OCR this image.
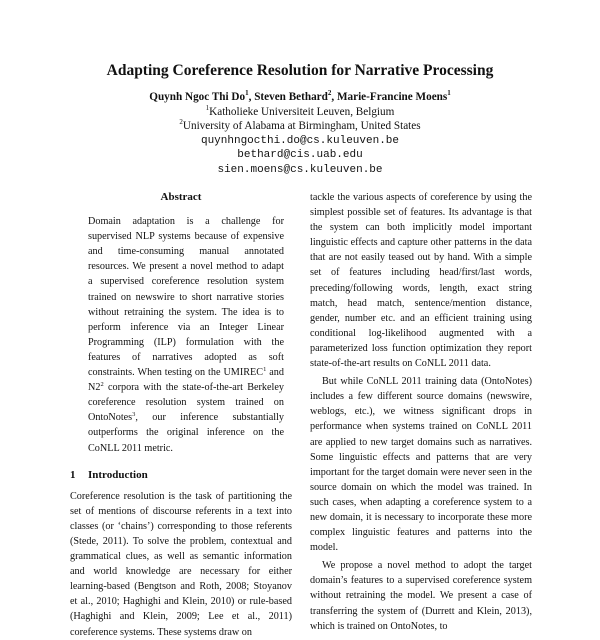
Adapting Coreference Resolution for Narrative Processing
Quynh Ngoc Thi Do$^1$, Steven Bethard$^2$, Marie-Francine Moens$^1$
$^1$Katholieke Universiteit Leuven, Belgium
$^2$University of Alabama at Birmingham, United States
quynhngocthi.do@cs.kuleuven.be
bethard@cis.uab.edu
sien.moens@cs.kuleuven.be
Abstract

Domain adaptation is a challenge for supervised NLP systems because of expensive and time-consuming manual annotated resources. We present a novel method to adapt a supervised coreference resolution system trained on newswire to short narrative stories without retraining the system. The idea is to perform inference via an Integer Linear Programming (ILP) formulation with the features of narratives adopted as soft constraints. When testing on the UMIREC$^1$ and $N2^2$ corpora with the state-of-the-art Berkeley coreference resolution system trained on OntoNotes$^3$, our inference substantially outperforms the original inference on the CoNLL 2011 metric.

1 Introduction

Coreference resolution is the task of partitioning the set of mentions of discourse referents in a text into classes (or ‘chains’) corresponding to those referents (Stede, 2011). To solve the problem, contextual and grammatical clues, as well as semantic information and world knowledge are necessary for either learning-based (Bengtson and Roth, 2008; Stoyanov et al., 2010; Haghighi and Klein, 2010) or rule-based (Haghighi and Klein, 2009; Lee et al., 2011) coreference systems. These systems draw on

tackle the various aspects of coreference by using the simplest possible set of features. Its advantage is that the system can both implicitly model important linguistic effects and capture other patterns in the data that are not easily teased out by hand. With a simple set of features including head/first/last words, preceding/following words, length, exact string match, head match, sentence/mention distance, gender, number etc. and an efficient training using conditional log-likelihood augmented with a parameterized loss function optimization they report state-of-the-art results on CoNLL 2011 data.

But while CoNLL 2011 training data (OntoNotes) includes a few different source domains (newswire, weblogs, etc.), we witness significant drops in performance when systems trained on CoNLL 2011 are applied to new target domains such as narratives. Some linguistic effects and patterns that are very important for the target domain were never seen in the source domain on which the model was trained. In such cases, when adapting a coreference system to a new domain, it is necessary to incorporate these more complex linguistic features and patterns into the model.

We propose a novel method to adopt the target domain’s features to a supervised coreference system without retraining the model. We present a case of transferring the system of (Durrett and Klein, 2013), which is trained on OntoNotes, to
